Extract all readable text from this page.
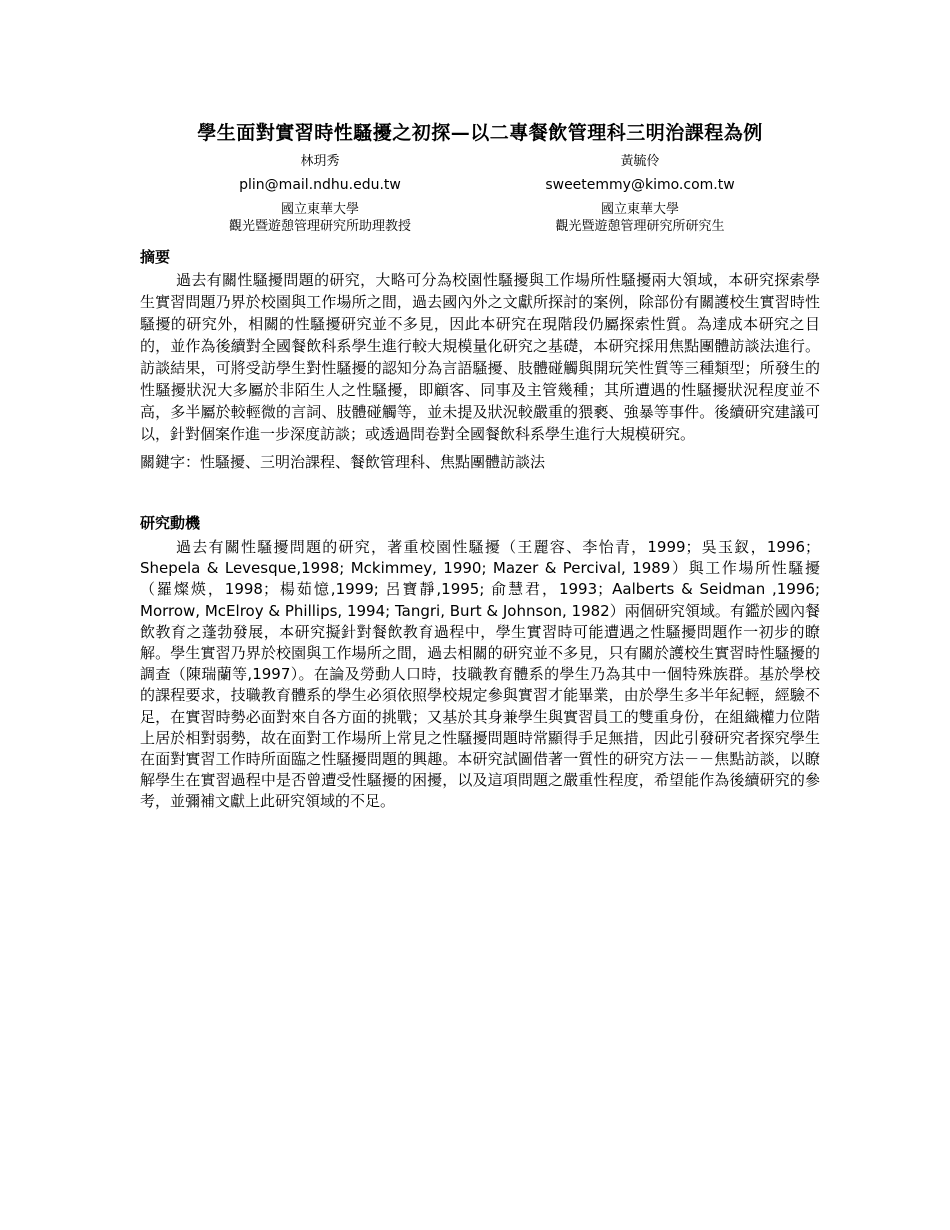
學生面對實習時性騷擾之初探—以二專餐飲管理科三明治課程為例
林玥秀
plin@mail.ndhu.edu.tw
國立東華大學
觀光暨遊憩管理研究所助理教授
黃毓伶
sweetemmy@kimo.com.tw
國立東華大學
觀光暨遊憩管理研究所研究生
摘要

過去有關性騷擾問題的研究，大略可分為校園性騷擾與工作場所性騷擾兩大領域，本研究探索學生實習問題乃界於校園與工作場所之間，過去國內外之文獻所探討的案例，除部份有關護校生實習時性騷擾的研究外，相關的性騷擾研究並不多見，因此本研究在現階段仍屬探索性質。為達成本研究之目的，並作為後續對全國餐飲科系學生進行較大規模量化研究之基礎，本研究採用焦點團體訪談法進行。訪談結果，可將受訪學生對性騷擾的認知分為言語騷擾、肢體碰觸與開玩笑性質等三種類型；所發生的性騷擾狀況大多屬於非陌生人之性騷擾，即顧客、同事及主管幾種；其所遭遇的性騷擾狀況程度並不高，多半屬於較輕微的言詞、肢體碰觸等，並未提及狀況較嚴重的猥褻、強暴等事件。後續研究建議可以，針對個案作進一步深度訪談；或透過問卷對全國餐飲科系學生進行大規模研究。

關鍵字：性騷擾、三明治課程、餐飲管理科、焦點團體訪談法

研究動機

過去有關性騷擾問題的研究，著重校園性騷擾（王麗容、李怡青，1999；吳玉釵，1996； Shepela & Levesque,1998; Mckimmey, 1990; Mazer & Percival, 1989）與工作場所性騷擾（羅燦煐，1998；楊茹憶,1999; 呂寶靜,1995; 俞慧君，1993；Aalberts & Seidman ,1996; Morrow, McElroy & Phillips, 1994; Tangri, Burt & Johnson, 1982）兩個研究領域。有鑑於國內餐飲教育之蓬勃發展，本研究擬針對餐飲教育過程中，學生實習時可能遭遇之性騷擾問題作一初步的瞭解。學生實習乃界於校園與工作場所之間，過去相關的研究並不多見，只有關於護校生實習時性騷擾的調查（陳瑞蘭等,1997）。在論及勞動人口時，技職教育體系的學生乃為其中一個特殊族群。基於學校的課程要求，技職教育體系的學生必須依照學校規定參與實習才能畢業，由於學生多半年紀輕，經驗不足，在實習時勢必面對來自各方面的挑戰；又基於其身兼學生與實習員工的雙重身份，在組織權力位階上居於相對弱勢，故在面對工作場所上常見之性騷擾問題時常顯得手足無措，因此引發研究者探究學生在面對實習工作時所面臨之性騷擾問題的興趣。本研究試圖借著一質性的研究方法－－焦點訪談，以瞭解學生在實習過程中是否曾遭受性騷擾的困擾，以及這項問題之嚴重性程度，希望能作為後續研究的參考，並彌補文獻上此研究領域的不足。
